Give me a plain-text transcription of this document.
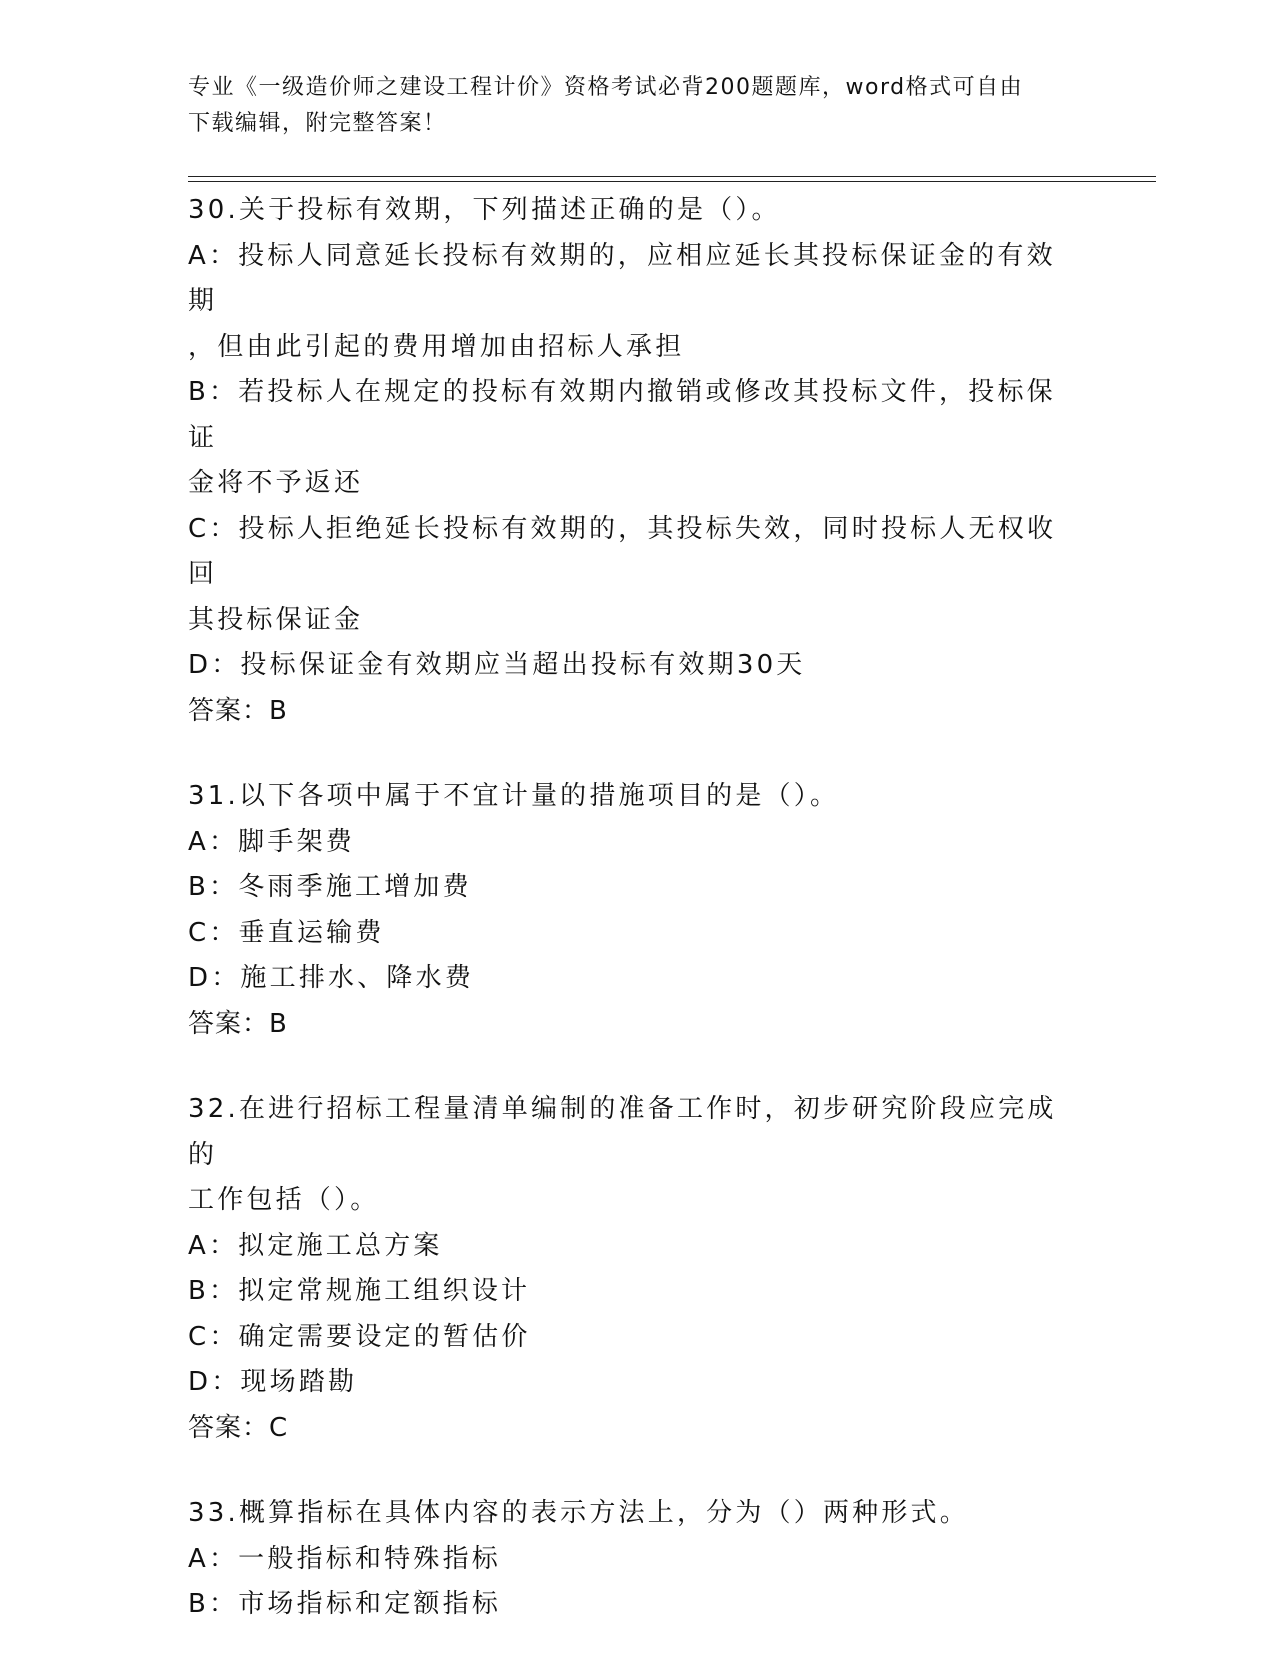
专业《一级造价师之建设工程计价》资格考试必背200题题库，word格式可自由
下载编辑，附完整答案！
30.关于投标有效期，下列描述正确的是（）。
A：投标人同意延长投标有效期的，应相应延长其投标保证金的有效期
，但由此引起的费用增加由招标人承担
B：若投标人在规定的投标有效期内撤销或修改其投标文件，投标保证
金将不予返还
C：投标人拒绝延长投标有效期的，其投标失效，同时投标人无权收回
其投标保证金
D：投标保证金有效期应当超出投标有效期30天
答案：B
31.以下各项中属于不宜计量的措施项目的是（）。
A：脚手架费
B：冬雨季施工增加费
C：垂直运输费
D：施工排水、降水费
答案：B
32.在进行招标工程量清单编制的准备工作时，初步研究阶段应完成的
工作包括（）。
A：拟定施工总方案
B：拟定常规施工组织设计
C：确定需要设定的暂估价
D：现场踏勘
答案：C
33.概算指标在具体内容的表示方法上，分为（）两种形式。
A：一般指标和特殊指标
B：市场指标和定额指标
